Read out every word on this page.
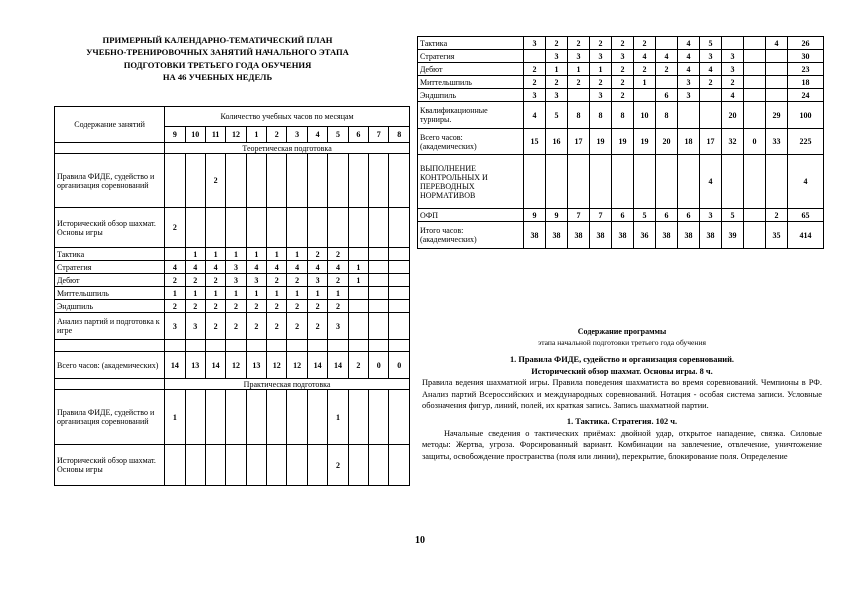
ПРИМЕРНЫЙ КАЛЕНДАРНО-ТЕМАТИЧЕСКИЙ ПЛАН
УЧЕБНО-ТРЕНИРОВОЧНЫХ ЗАНЯТИЙ НАЧАЛЬНОГО ЭТАПА
ПОДГОТОВКИ ТРЕТЬЕГО ГОДА ОБУЧЕНИЯ
НА 46 УЧЕБНЫХ НЕДЕЛЬ
Содержание занятий	Количество учебных часов по месяцам											
	9	10	11	12	1	2	3	4	5	6	7	8
	Теоретическая подготовка											
Правила ФИДЕ, судейство и организация соревнований			2									
Исторический обзор шахмат. Основы игры	2											
Тактика		1	1	1	1	1	1	2	2			
Стратегия	4	4	4	3	4	4	4	4	4	1		
Дебют	2	2	2	3	3	2	2	3	2	1		
Миттельшпиль	1	1	1	1	1	1	1	1	1			
Эндшпиль	2	2	2	2	2	2	2	2	2			
Анализ партий и подготовка к игре	3	3	2	2	2	2	2	2	3			

Всего часов: (академических)	14	13	14	12	13	12	12	14	14	2	0	0
	Практическая подготовка											
Правила ФИДЕ, судейство и организация соревнований	1								1			
Исторический обзор шахмат. Основы игры									2			
Тактика	3	2	2	2	2	2		4	5			4	26
Стратегия		3	3	3	3	4	4	4	3	3			30
Дебют	2	1	1	1	2	2	2	4	4	3			23
Миттельшпиль	2	2	2	2	2	1		3	2	2			18
Эндшпиль	3	3		3	2		6	3		4			24
Квалификационные турниры.	4	5	8	8	8	10	8			20		29	100
Всего часов: (академических)	15	16	17	19	19	19	20	18	17	32	0	33	225
ВЫПОЛНЕНИЕ КОНТРОЛЬНЫХ И ПЕРЕВОДНЫХ НОРМАТИВОВ									4				4
ОФП	9	9	7	7	6	5	6	6	3	5		2	65
Итого часов: (академических)	38	38	38	38	38	36	38	38	38	39		35	414
Содержание программы
этапа начальной подготовки третьего года обучения
1. Правила ФИДЕ, судейство и организация соревнований.
Исторический обзор шахмат. Основы игры. 8 ч.

Правила ведения шахматной игры. Правила поведения шахматиста во время соревнований. Чемпионы в РФ. Анализ партий Всероссийских и международных соревнований. Нотация - особая система записи. Условные обозначения фигур, линий, полей, их краткая запись. Запись шахматной партии.

1. Тактика. Стратегия. 102 ч.

Начальные сведения о тактических приёмах: двойной удар, открытое нападение, связка. Силовые методы: Жертва, угроза. Форсированный вариант. Комбинации на завлечение, отвлечение, уничтожение защиты, освобождение пространства (поля или линии), перекрытие, блокирование поля. Определение

10
